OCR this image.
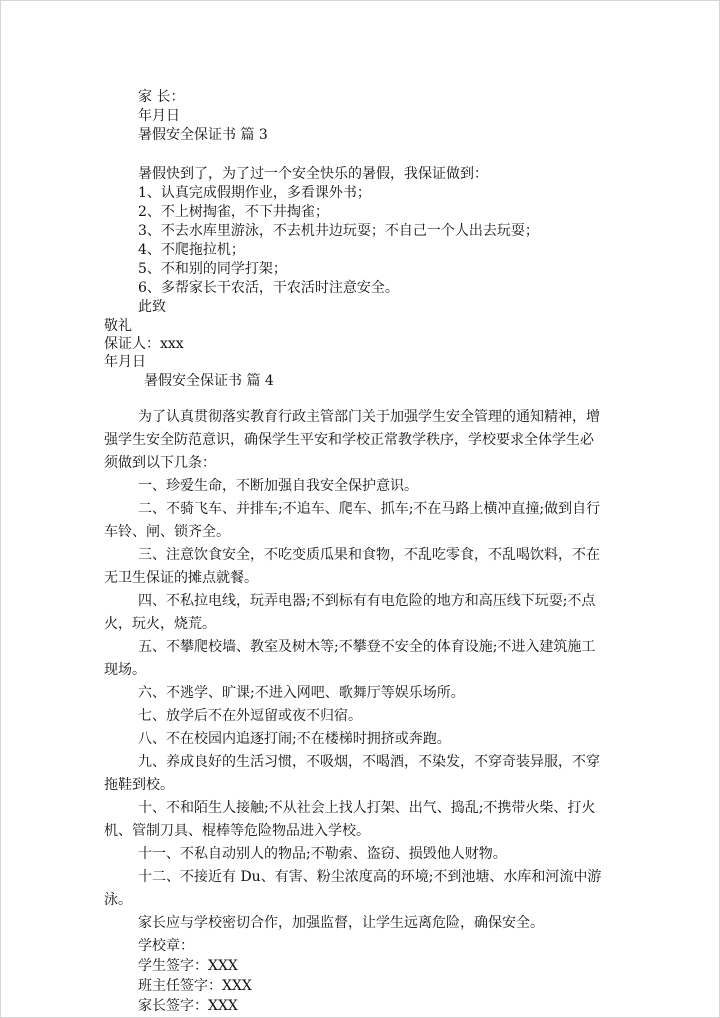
家 长：
年月日
暑假安全保证书 篇 3
暑假快到了，为了过一个安全快乐的暑假，我保证做到：
1、认真完成假期作业，多看课外书；
2、不上树掏雀，不下井掏雀；
3、不去水库里游泳，不去机井边玩耍；不自己一个人出去玩耍；
4、不爬拖拉机；
5、不和别的同学打架；
6、多帮家长干农活，干农活时注意安全。
此致
敬礼
保证人：xxx
年月日
暑假安全保证书 篇 4
为了认真贯彻落实教育行政主管部门关于加强学生安全管理的通知精神，增
强学生安全防范意识，确保学生平安和学校正常教学秩序，学校要求全体学生必
须做到以下几条：
一、珍爱生命，不断加强自我安全保护意识。
二、不骑飞车、并排车;不追车、爬车、抓车;不在马路上横冲直撞;做到自行
车铃、闸、锁齐全。
三、注意饮食安全，不吃变质瓜果和食物，不乱吃零食，不乱喝饮料，不在
无卫生保证的摊点就餐。
四、不私拉电线，玩弄电器;不到标有有电危险的地方和高压线下玩耍;不点
火，玩火，烧荒。
五、不攀爬校墙、教室及树木等;不攀登不安全的体育设施;不进入建筑施工
现场。
六、不逃学、旷课;不进入网吧、歌舞厅等娱乐场所。
七、放学后不在外逗留或夜不归宿。
八、不在校园内追逐打闹;不在楼梯时拥挤或奔跑。
九、养成良好的生活习惯，不吸烟，不喝酒，不染发，不穿奇装异服，不穿
拖鞋到校。
十、不和陌生人接触;不从社会上找人打架、出气、捣乱;不携带火柴、打火
机、管制刀具、棍棒等危险物品进入学校。
十一、不私自动别人的物品;不勒索、盗窃、损毁他人财物。
十二、不接近有 Du、有害、粉尘浓度高的环境;不到池塘、水库和河流中游
泳。
家长应与学校密切合作，加强监督，让学生远离危险，确保安全。
学校章：
学生签字：XXX
班主任签字：XXX
家长签字：XXX
